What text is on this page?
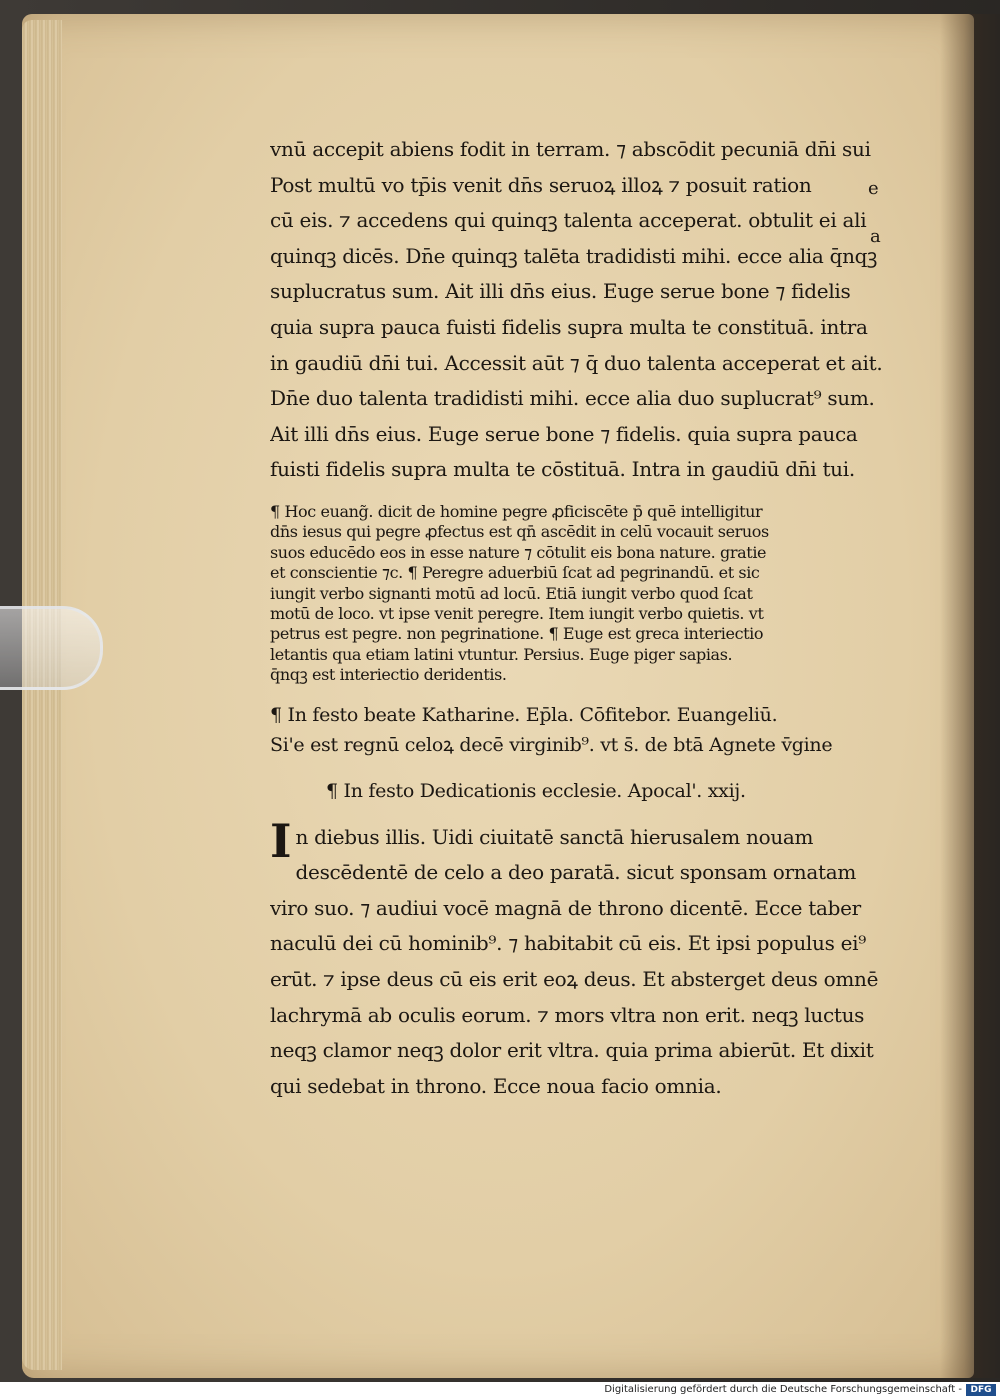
e
a
vnū accepit abiens fodit in terram. ⁊ abscōdit pecuniā dn̄i sui
Post multū vo tp̄is venit dn̄s seruoꝝ illoꝝ ⁊ posuit ration
cū eis. ⁊ accedens qui quinqꝫ talenta acceperat. obtulit ei ali
quinqꝫ dicēs. Dn̄e quinqꝫ talēta tradidisti mihi. ecce alia q̄nqꝫ
suplucratus sum. Ait illi dn̄s eius. Euge serue bone ⁊ fidelis
quia supra pauca fuisti fidelis supra multa te constituā. intra
in gaudiū dn̄i tui. Accessit aūt ⁊ q̄ duo talenta acceperat et ait.
Dn̄e duo talenta tradidisti mihi. ecce alia duo suplucrat⁹ sum.
Ait illi dn̄s eius. Euge serue bone ⁊ fidelis. quia supra pauca
fuisti fidelis supra multa te cōstituā. Intra in gaudiū dn̄i tui.
¶ Hoc euang̃. dicit de homine pegre ꝓficiscēte p̄ quē intelligitur
dn̄s iesus qui pegre ꝓfectus est qn̄ ascēdit in celū vocauit seruos
suos educēdo eos in esse nature ⁊ cōtulit eis bona nature. gratie
et conscientie ⁊c. ¶ Peregre aduerbiū ſcat ad pegrinandū. et sic
iungit verbo signanti motū ad locū. Etiā iungit verbo quod ſcat
motū de loco. vt ipse venit peregre. Item iungit verbo quietis. vt
petrus est pegre. non pegrinatione. ¶ Euge est greca interiectio
letantis qua etiam latini vtuntur. Persius. Euge piger sapias.
q̄nqꝫ est interiectio deridentis.
¶ In festo beate Katharine. Ep̄la. Cōfitebor. Euangeliū.
Si'e est regnū celoꝝ decē virginib⁹. vt s̄. de btā Agnete v̄gine
¶ In festo Dedicationis ecclesie. Apocal'. xxij.
I n diebus illis. Uidi ciuitatē sanctā hierusalem nouam
descēdentē de celo a deo paratā. sicut sponsam ornatam
viro suo. ⁊ audiui vocē magnā de throno dicentē. Ecce taber
naculū dei cū hominib⁹. ⁊ habitabit cū eis. Et ipsi populus ei⁹
erūt. ⁊ ipse deus cū eis erit eoꝝ deus. Et absterget deus omnē
lachrymā ab oculis eorum. ⁊ mors vltra non erit. neqꝫ luctus
neqꝫ clamor neqꝫ dolor erit vltra. quia prima abierūt. Et dixit
qui sedebat in throno. Ecce noua facio omnia.
Digitalisierung gefördert durch die Deutsche Forschungsgemeinschaft - DFG
